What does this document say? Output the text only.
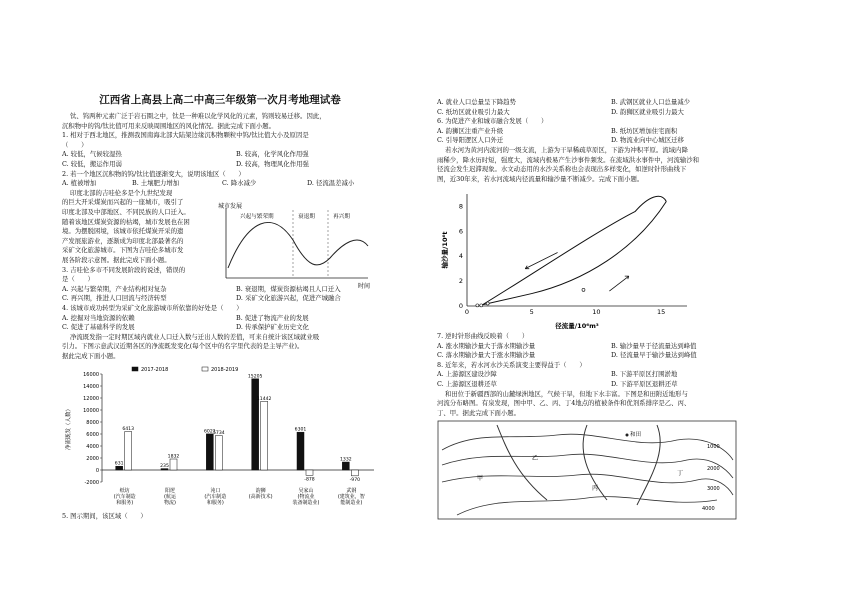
江西省上高县上高二中高三年级第一次月考地理试卷
城市发展
兴起与繁荣期	衰退期	再兴期
时间
-2000
0
2000
4000
6000
8000
10000
12000
14000
16000
净流既发（人数）
2017-2018	2018-2019
631
6413
纸坊
(汽车制造
和服务)
235
1832
阳逻
(航运
物流)
6021
5734
沌口
(汽车制造
和服务)
15205
11442
韵狮
(高新技术)
6301
-878
吴家山
(物流业
装备制造业)
1332
-970
武钢
(建筑业，智
能制造业)
0	5	10	15
0
2
4
6
8
径流量/10⁶m³
输沙量/10⁶t
甲
乙
丙
丁
1000
2000
3000
4000
和田
钛、钨两种元素广泛于岩石圈之中，钛是一种难以化学风化的元素，钨则较易迁移。因此，
沉积物中的钨/钛比值可用来反映周围地区的风化情况。据此完成下面小题。
1. 相对于西北地区，推测我国南海北部大陆架边缘沉积物颗粒中钨/钛比值大小及原因是
（　　）
A. 较低，气候较湿热	B. 较高，化学风化作用强
C. 较低，搬运作用弱	D. 较高，物理风化作用强
2. 若一个地区沉积物的钨/钛比值逐渐变大，说明该地区（　　）
A. 植被增加	B. 土壤肥力增加	C. 降水减少	D. 径流温差减小
印度北部的吉哇伦多是个九世纪发现
的巨大开采煤炭而兴起的一座城市，吸引了
印度北部及中部地区、不同民族的人口迁入。
随着该地区煤炭资源的枯竭，城市发展也在困
境。为摆脱困境，该城市依托煤炭开采的遗
产发展旅游业，逐渐成为印度北部最著名的
采矿文化旅游城市。下图为吉哇伦多城市发
展各阶段示意图。据此完成下面小题。
3. 吉哇伦多市不同发展阶段的说述，错误的
是（　　）
A. 兴起与繁荣期，产业结构相对复杂	B. 衰退期，煤炭资源枯竭且人口迁入
C. 再兴期，推进人口回流与经济转型	D. 采矿文化旅游兴起，促进产城融合
4. 该城市成功转型为采矿文化旅游城市所依靠的好处是（　　）
A. 挖掘对当地资源的依赖	B. 促进了物流产业的发展
C. 促进了基础科学的发展	D. 传承保护矿业历史文化
净流既发指一定时期区域内就业人口迁入数与迁出人数的差值，可来自统计该区域就业吸
引力。下图示意武汉近期各区的净流既发变化(每个区中的名字里代表的是主导产业)。
据此完成下面小题。
5. 图示期间，该区域（　　）
A. 就业人口总量呈下降趋势	B. 武钢区就业人口总量减少
C. 纸坊区就业吸引力最大	D. 韵狮区就业吸引力最大
6. 为促进产业和城市融合发展（　　）
A. 韵狮区注重产业升级	B. 纸坊区增加住宅面积
C. 引导阳逻区人口外迁	D. 物流业向中心城区迁移
若水河为黄河内流河的一级支流，上游为干旱稀疏草原区，下游为冲积平原。流域内降
雨稀少，降水历时短，强度大，流域内极易产生沙事件频发。在流域洪水事件中，河流输沙和
径流会发生迟滞现象。水文动态用的水沙关系称也会表现出多样变化，如逆时针形曲线下
图，近30年来，若水河流域内径流量和输沙量不断减少。完成下面小题。
7. 逆时针形曲线反映着（　　）
A. 涨水期输沙量大于落水期输沙量	B. 输沙量早于径流量达到峰值
C. 落水期输沙量大于涨水期输沙量	D. 径流量早于输沙量达到峰值
8. 近年来，若水河水沙关系演变主要得益于（　　）
A. 上游源区建设沙障	B. 下游平原区打围淤地
C. 上游源区退耕还草	D. 下游平原区退耕还草
和田位于新疆西部的山麓绿洲地区，气候干旱，但地下水丰富。下图是和田附近地形与
河流分布略图。有泉发现，图中甲、乙、丙、丁4地点的植被条件和优剂系排序是乙、丙、
丁、甲。据此完成下面小题。
